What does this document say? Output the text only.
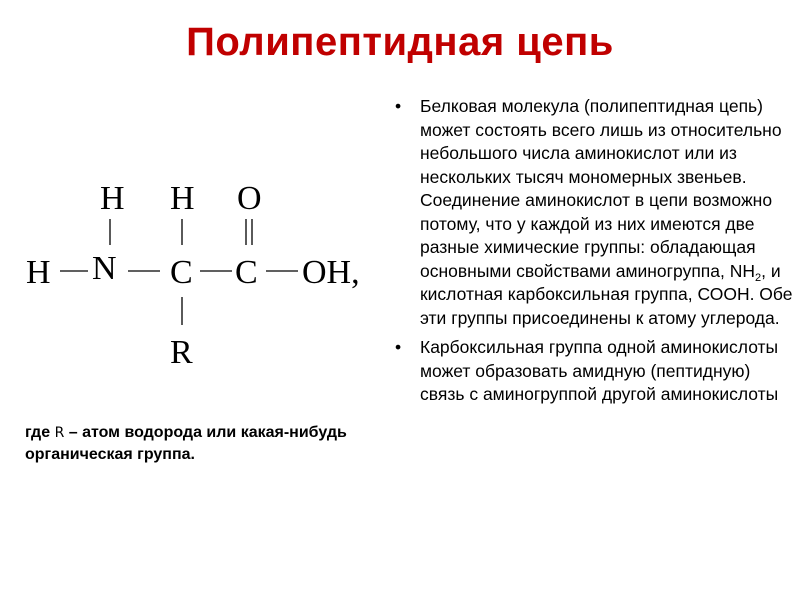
Полипептидная цепь
H H O
H N C C OH,
R
где R – атом водорода или какая-нибудь органическая группа.
•	Белковая молекула (полипептидная цепь) может состоять всего лишь из относительно небольшого числа аминокислот или из нескольких тысяч мономерных звеньев. Соединение аминокислот в цепи возможно потому, что у каждой из них имеются две разные химические группы: обладающая основными свойствами аминогруппа, $NH_2$, и кислотная карбоксильная группа, СООН. Обе эти группы присоединены к атому углерода.
•	Карбоксильная группа одной аминокислоты может образовать амидную (пептидную) связь с аминогруппой другой аминокислоты
